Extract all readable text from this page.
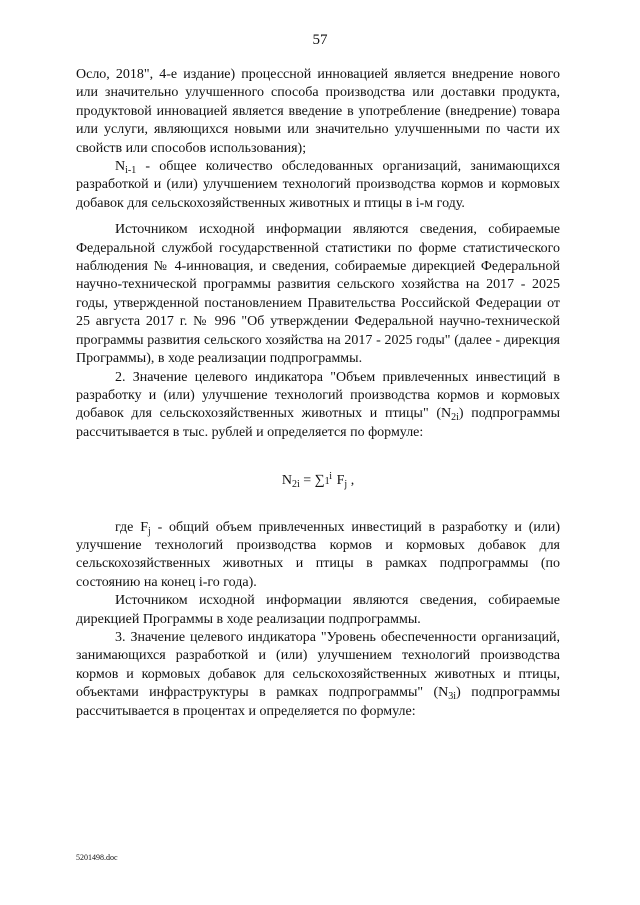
57

Осло, 2018", 4-е издание) процессной инновацией является внедрение нового или значительно улучшенного способа производства или доставки продукта, продуктовой инновацией является введение в употребление (внедрение) товара или услуги, являющихся новыми или значительно улучшенными по части их свойств или способов использования);

$N_{i-1}$ - общее количество обследованных организаций, занимающихся разработкой и (или) улучшением технологий производства кормов и кормовых добавок для сельскохозяйственных животных и птицы в i-м году.

Источником исходной информации являются сведения, собираемые Федеральной службой государственной статистики по форме статистического наблюдения № 4-инновация, и сведения, собираемые дирекцией Федеральной научно-технической программы развития сельского хозяйства на 2017 - 2025 годы, утвержденной постановлением Правительства Российской Федерации от 25 августа 2017 г. № 996 "Об утверждении Федеральной научно-технической программы развития сельского хозяйства на 2017 - 2025 годы" (далее - дирекция Программы), в ходе реализации подпрограммы.

2. Значение целевого индикатора "Объем привлеченных инвестиций в разработку и (или) улучшение технологий производства кормов и кормовых добавок для сельскохозяйственных животных и птицы" $(N_{2i})$ подпрограммы рассчитывается в тыс. рублей и определяется по формуле:

$N_{2i}$ = ∑ $^i$
1 $F_j$ ,

где $F_j$ - общий объем привлеченных инвестиций в разработку и (или) улучшение технологий производства кормов и кормовых добавок для сельскохозяйственных животных и птицы в рамках подпрограммы (по состоянию на конец i-го года).

Источником исходной информации являются сведения, собираемые дирекцией Программы в ходе реализации подпрограммы.

3. Значение целевого индикатора "Уровень обеспеченности организаций, занимающихся разработкой и (или) улучшением технологий производства кормов и кормовых добавок для сельскохозяйственных животных и птицы, объектами инфраструктуры в рамках подпрограммы" $(N_{3i})$ подпрограммы рассчитывается в процентах и определяется по формуле:

5201498.doc
